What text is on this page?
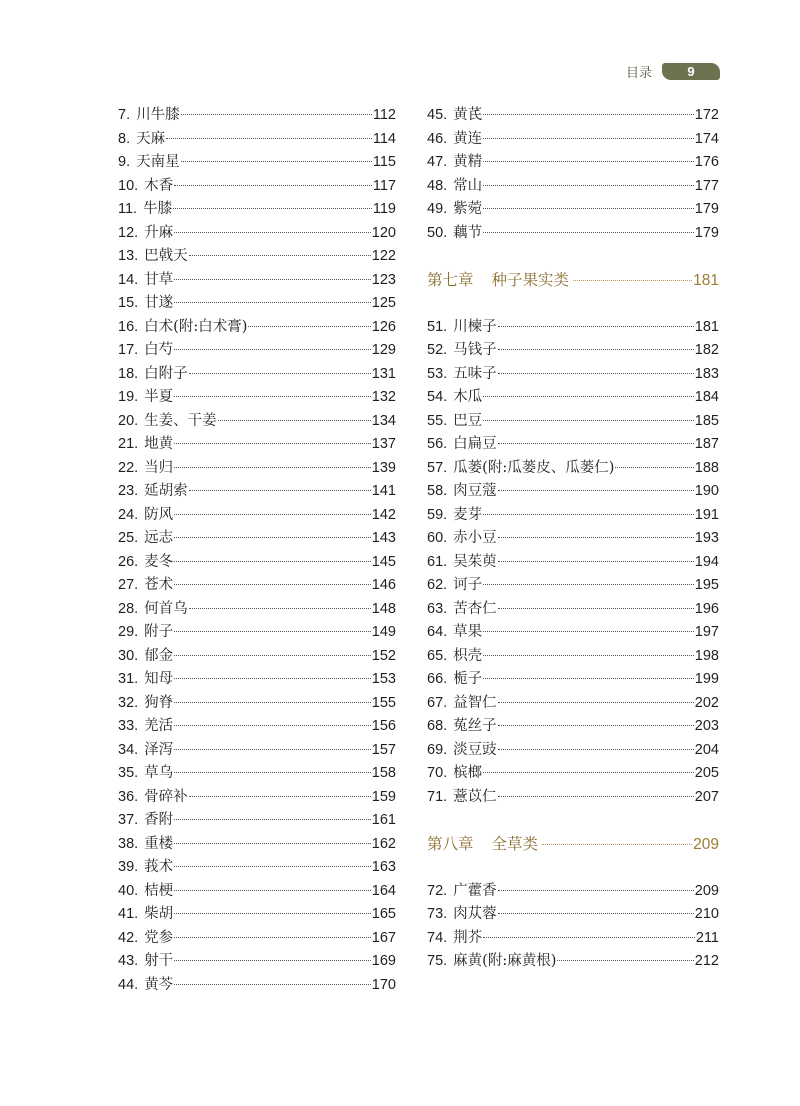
目录	9
7. 川牛膝	112
8. 天麻	114
9. 天南星	115
10. 木香	117
11. 牛膝	119
12. 升麻	120
13. 巴戟天	122
14. 甘草	123
15. 甘遂	125
16. 白术(附:白术膏)	126
17. 白芍	129
18. 白附子	131
19. 半夏	132
20. 生姜、干姜	134
21. 地黄	137
22. 当归	139
23. 延胡索	141
24. 防风	142
25. 远志	143
26. 麦冬	145
27. 苍术	146
28. 何首乌	148
29. 附子	149
30. 郁金	152
31. 知母	153
32. 狗脊	155
33. 羌活	156
34. 泽泻	157
35. 草乌	158
36. 骨碎补	159
37. 香附	161
38. 重楼	162
39. 莪术	163
40. 桔梗	164
41. 柴胡	165
42. 党参	167
43. 射干	169
44. 黄芩	170
45. 黄芪	172
46. 黄连	174
47. 黄精	176
48. 常山	177
49. 紫菀	179
50. 藕节	179
第七章 种子果实类	181
51. 川楝子	181
52. 马钱子	182
53. 五味子	183
54. 木瓜	184
55. 巴豆	185
56. 白扁豆	187
57. 瓜蒌(附:瓜蒌皮、瓜蒌仁)	188
58. 肉豆蔻	190
59. 麦芽	191
60. 赤小豆	193
61. 吴茱萸	194
62. 诃子	195
63. 苦杏仁	196
64. 草果	197
65. 枳壳	198
66. 栀子	199
67. 益智仁	202
68. 菟丝子	203
69. 淡豆豉	204
70. 槟榔	205
71. 薏苡仁	207
第八章 全草类	209
72. 广藿香	209
73. 肉苁蓉	210
74. 荆芥	211
75. 麻黄(附:麻黄根)	212
